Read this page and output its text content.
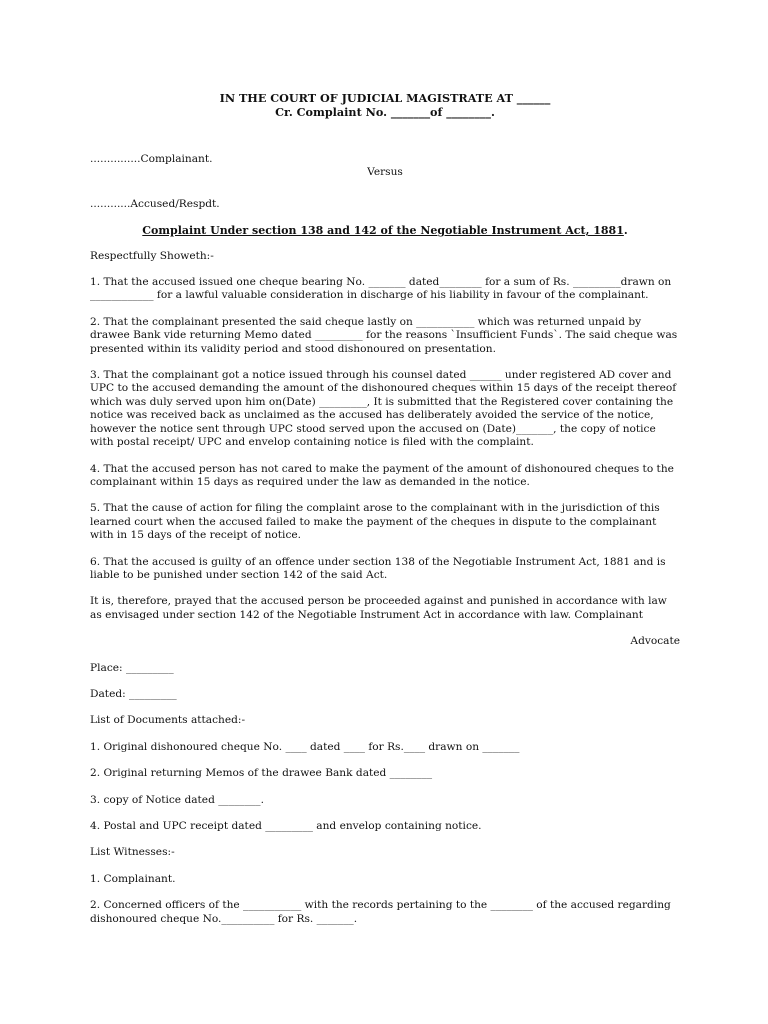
IN THE COURT OF JUDICIAL MAGISTRATE AT ______

Cr. Complaint No. _______of ________.

...............Complainant.

Versus

............Accused/Respdt.

Complaint Under section 138 and 142 of the Negotiable Instrument Act, 1881.

Respectfully Showeth:-

1. That the accused issued one cheque bearing No. _______ dated________ for a sum of Rs. _________drawn on ____________ for a lawful valuable consideration in discharge of his liability in favour of the complainant.

2. That the complainant presented the said cheque lastly on ___________ which was returned unpaid by drawee Bank vide returning Memo dated _________ for the reasons `Insufficient Funds`. The said cheque was presented within its validity period and stood dishonoured on presentation.

3. That the complainant got a notice issued through his counsel dated ______ under registered AD cover and UPC to the accused demanding the amount of the dishonoured cheques within 15 days of the receipt thereof which was duly served upon him on(Date) _________, It is submitted that the Registered cover containing the notice was received back as unclaimed as the accused has deliberately avoided the service of the notice, however the notice sent through UPC stood served upon the accused on (Date)_______, the copy of notice with postal receipt/ UPC and envelop containing notice is filed with the complaint.

4. That the accused person has not cared to make the payment of the amount of dishonoured cheques to the complainant within 15 days as required under the law as demanded in the notice.

5. That the cause of action for filing the complaint arose to the complainant with in the jurisdiction of this learned court when the accused failed to make the payment of the cheques in dispute to the complainant with in 15 days of the receipt of notice.

6. That the accused is guilty of an offence under section 138 of the Negotiable Instrument Act, 1881 and is liable to be punished under section 142 of the said Act.

It is, therefore, prayed that the accused person be proceeded against and punished in accordance with law as envisaged under section 142 of the Negotiable Instrument Act in accordance with law. Complainant

Advocate

Place: _________

Dated: _________

List of Documents attached:-

1. Original dishonoured cheque No. ____ dated ____ for Rs.____ drawn on _______

2. Original returning Memos of the drawee Bank dated ________

3. copy of Notice dated ________.

4. Postal and UPC receipt dated _________ and envelop containing notice.

List Witnesses:-

1. Complainant.

2. Concerned officers of the ___________ with the records pertaining to the ________ of the accused regarding dishonoured cheque No.__________ for Rs. _______.
